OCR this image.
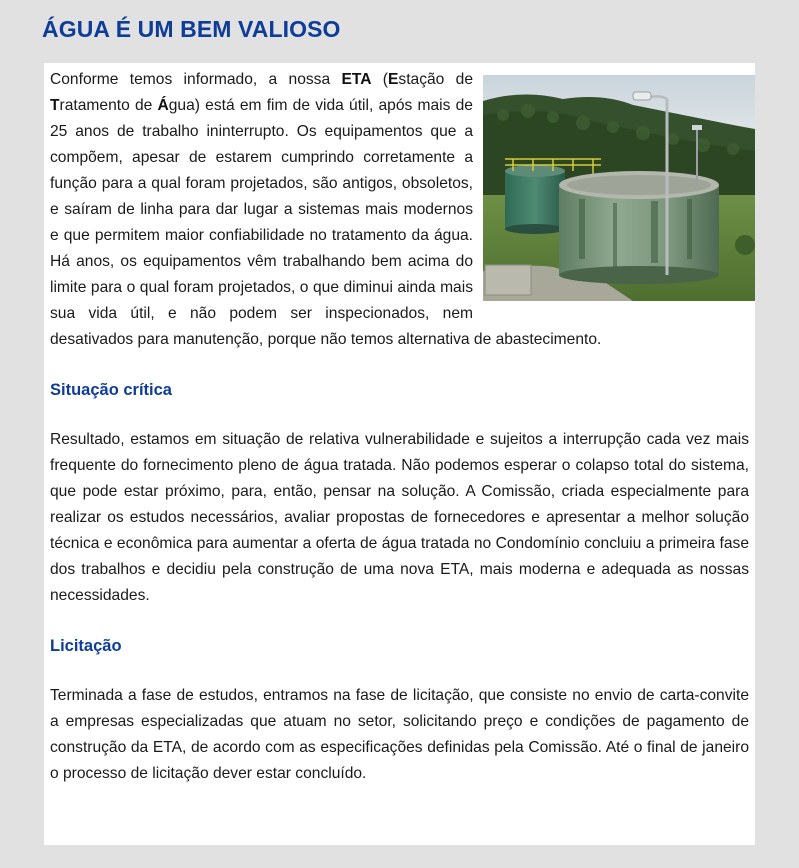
ÁGUA É UM BEM VALIOSO

Conforme temos informado, a nossa ETA (Estação de Tratamento de Água) está em fim de vida útil, após mais de 25 anos de trabalho ininterrupto. Os equipamentos que a compõem, apesar de estarem cumprindo corretamente a função para a qual foram projetados, são antigos, obsoletos, e saíram de linha para dar lugar a sistemas mais modernos e que permitem maior confiabilidade no tratamento da água. Há anos, os equipamentos vêm trabalhando bem acima do limite para o qual foram projetados, o que diminui ainda mais sua vida útil, e não podem ser inspecionados, nem desativados para manutenção, porque não temos alternativa de abastecimento.

Situação crítica

Resultado, estamos em situação de relativa vulnerabilidade e sujeitos a interrupção cada vez mais frequente do fornecimento pleno de água tratada. Não podemos esperar o colapso total do sistema, que pode estar próximo, para, então, pensar na solução. A Comissão, criada especialmente para realizar os estudos necessários, avaliar propostas de fornecedores e apresentar a melhor solução técnica e econômica para aumentar a oferta de água tratada no Condomínio concluiu a primeira fase dos trabalhos e decidiu pela construção de uma nova ETA, mais moderna e adequada as nossas necessidades.

Licitação

Terminada a fase de estudos, entramos na fase de licitação, que consiste no envio de carta-convite a empresas especializadas que atuam no setor, solicitando preço e condições de pagamento de construção da ETA, de acordo com as especificações definidas pela Comissão. Até o final de janeiro o processo de licitação dever estar concluído.
